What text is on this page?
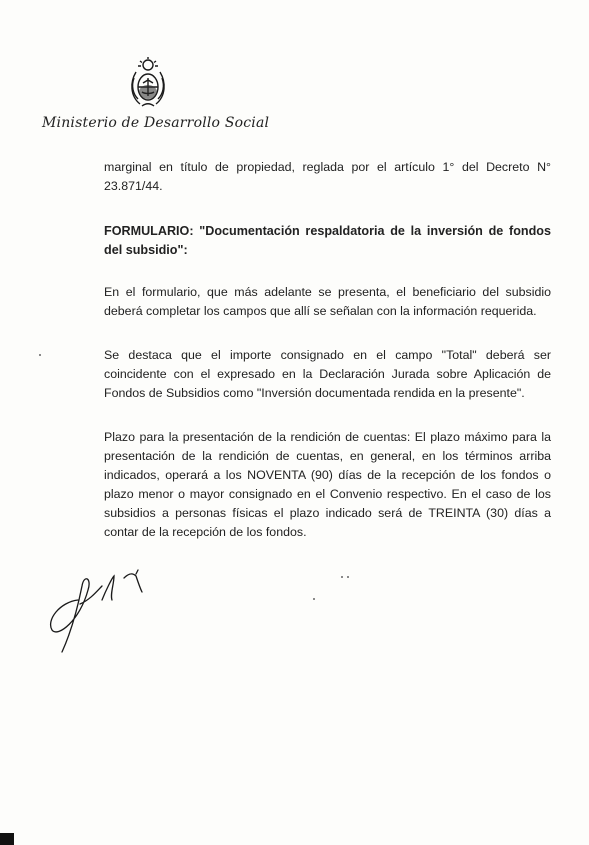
Ministerio de Desarrollo Social
marginal en título de propiedad, reglada por el artículo 1° del Decreto N° 23.871/44.
FORMULARIO: "Documentación respaldatoria de la inversión de fondos del subsidio":
En el formulario, que más adelante se presenta, el beneficiario del subsidio deberá completar los campos que allí se señalan con la información requerida.
Se destaca que el importe consignado en el campo "Total" deberá ser coincidente con el expresado en la Declaración Jurada sobre Aplicación de Fondos de Subsidios como "Inversión documentada rendida en la presente".
Plazo para la presentación de la rendición de cuentas: El plazo máximo para la presentación de la rendición de cuentas, en general, en los términos arriba indicados, operará a los NOVENTA (90) días de la recepción de los fondos o plazo menor o mayor consignado en el Convenio respectivo. En el caso de los subsidios a personas físicas el plazo indicado será de TREINTA (30) días a contar de la recepción de los fondos.
